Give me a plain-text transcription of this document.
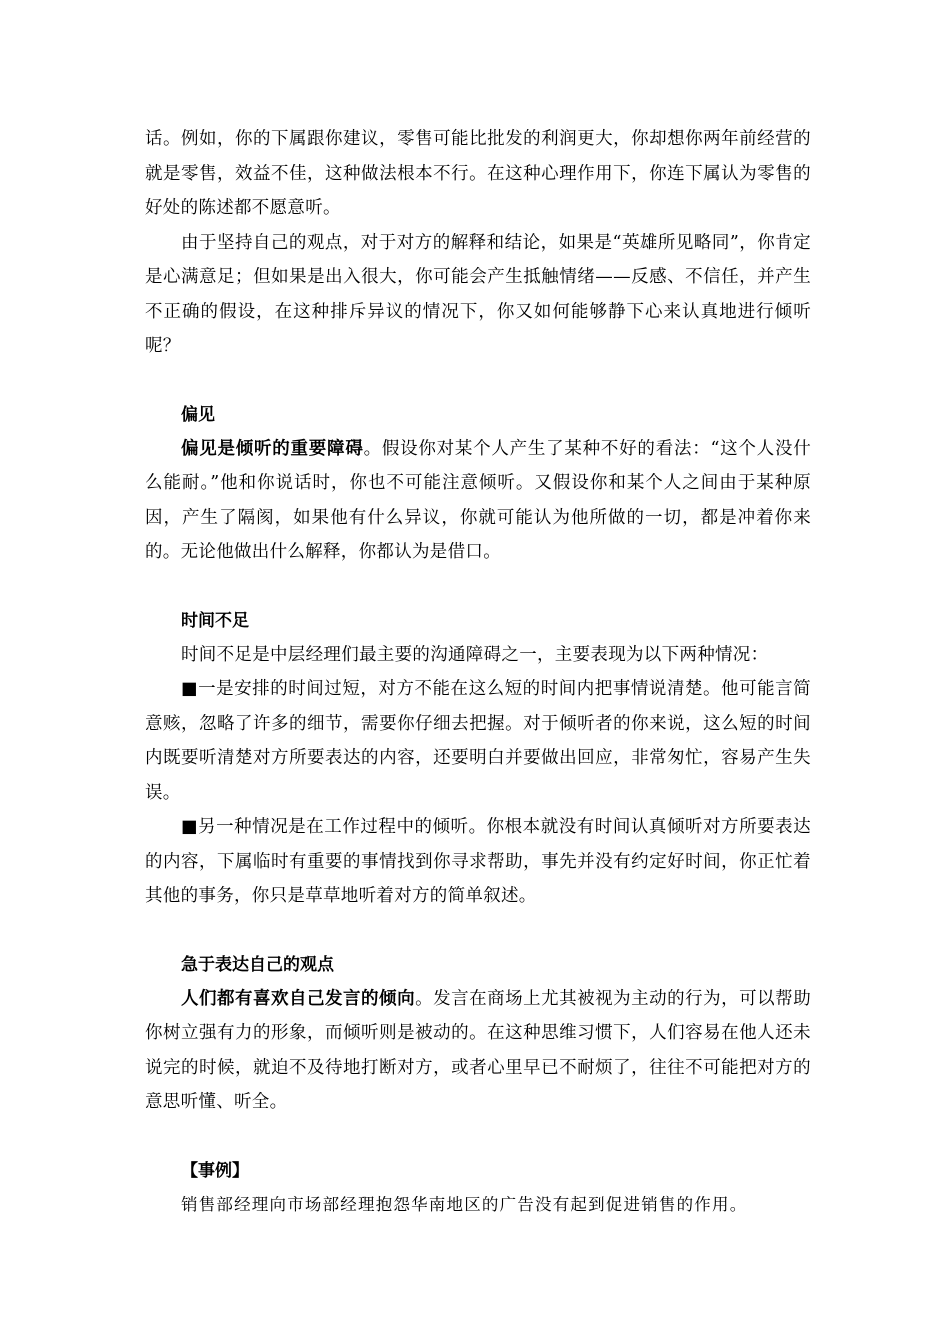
话。例如，你的下属跟你建议，零售可能比批发的利润更大，你却想你两年前经营的就是零售，效益不佳，这种做法根本不行。在这种心理作用下，你连下属认为零售的好处的陈述都不愿意听。

由于坚持自己的观点，对于对方的解释和结论，如果是“英雄所见略同”，你肯定是心满意足；但如果是出入很大，你可能会产生抵触情绪——反感、不信任，并产生不正确的假设，在这种排斥异议的情况下，你又如何能够静下心来认真地进行倾听呢？

偏见

偏见是倾听的重要障碍。假设你对某个人产生了某种不好的看法：“这个人没什么能耐。”他和你说话时，你也不可能注意倾听。又假设你和某个人之间由于某种原因，产生了隔阂，如果他有什么异议，你就可能认为他所做的一切，都是冲着你来的。无论他做出什么解释，你都认为是借口。

时间不足

时间不足是中层经理们最主要的沟通障碍之一，主要表现为以下两种情况：

■一是安排的时间过短，对方不能在这么短的时间内把事情说清楚。他可能言简意赅，忽略了许多的细节，需要你仔细去把握。对于倾听者的你来说，这么短的时间内既要听清楚对方所要表达的内容，还要明白并要做出回应，非常匆忙，容易产生失误。

■另一种情况是在工作过程中的倾听。你根本就没有时间认真倾听对方所要表达的内容，下属临时有重要的事情找到你寻求帮助，事先并没有约定好时间，你正忙着其他的事务，你只是草草地听着对方的简单叙述。

急于表达自己的观点

人们都有喜欢自己发言的倾向。发言在商场上尤其被视为主动的行为，可以帮助你树立强有力的形象，而倾听则是被动的。在这种思维习惯下，人们容易在他人还未说完的时候，就迫不及待地打断对方，或者心里早已不耐烦了，往往不可能把对方的意思听懂、听全。

【事例】

销售部经理向市场部经理抱怨华南地区的广告没有起到促进销售的作用。
